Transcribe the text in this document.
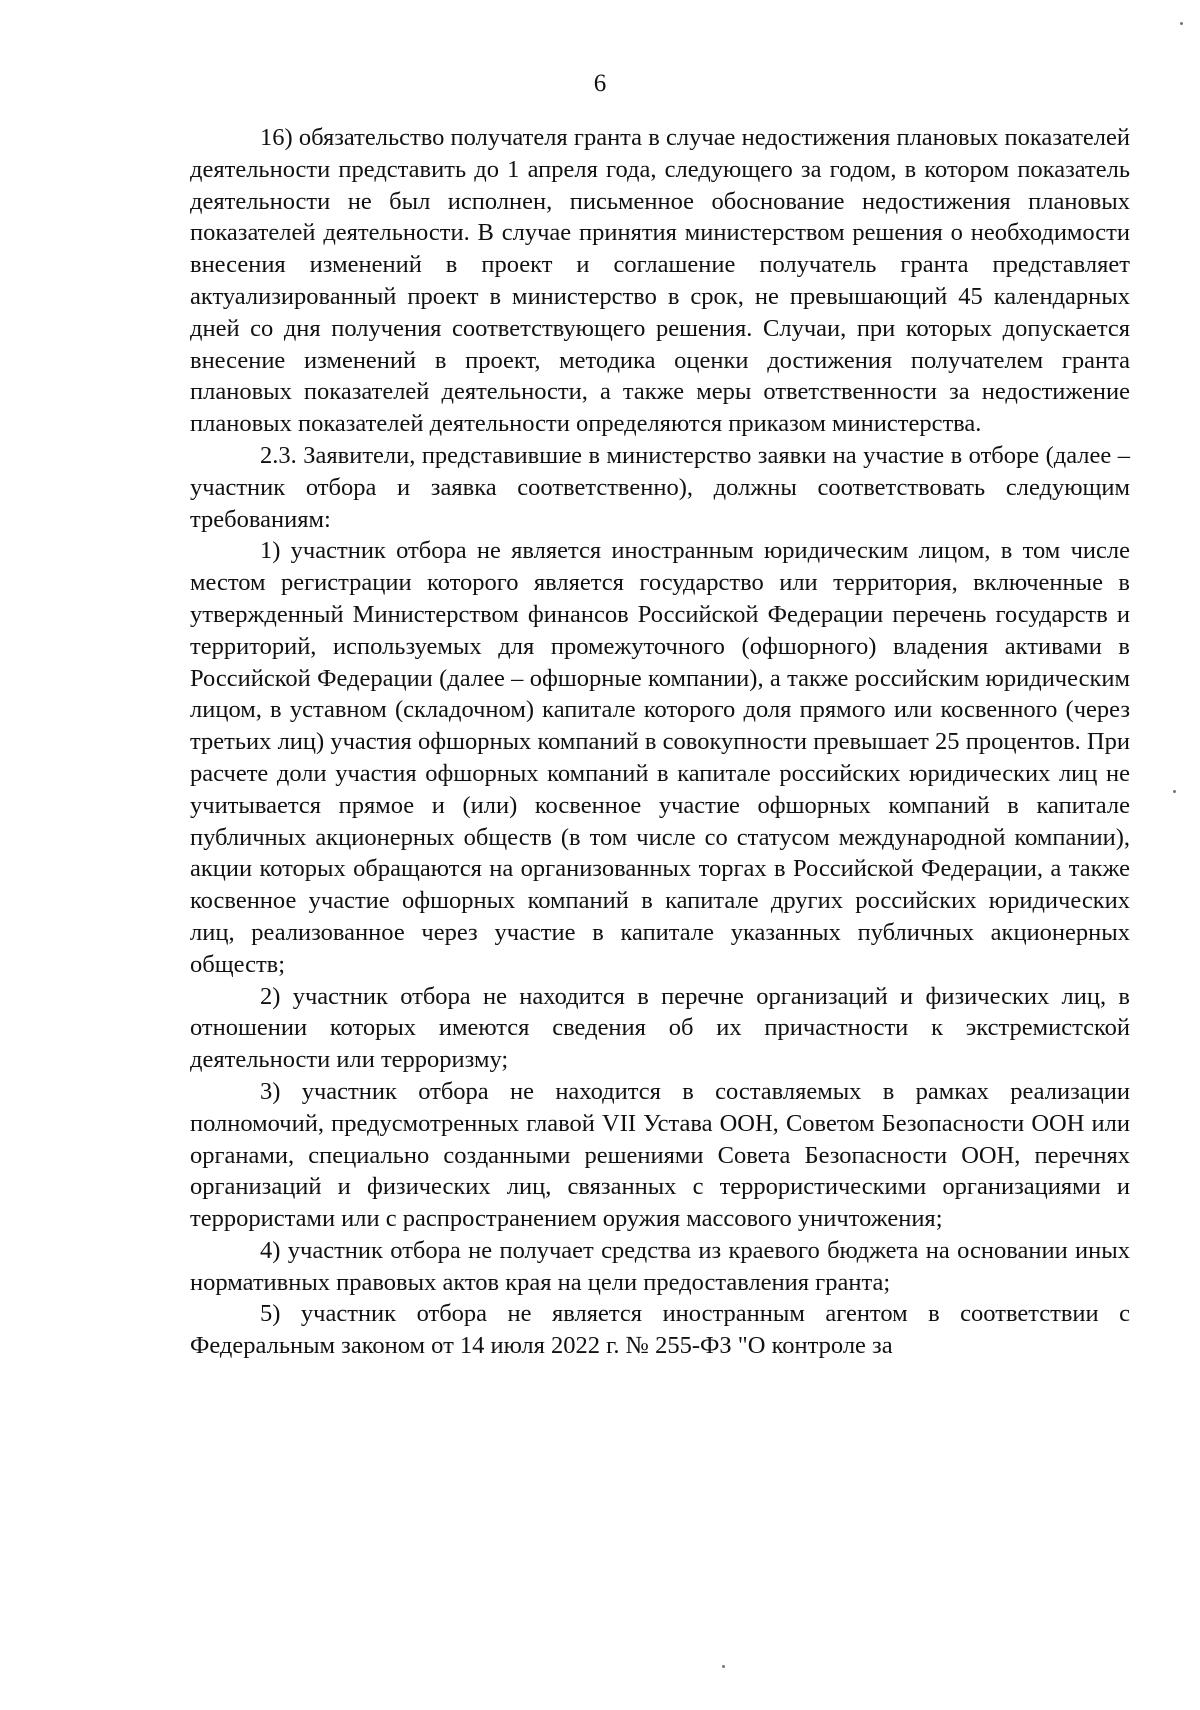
6

16) обязательство получателя гранта в случае недостижения плановых показателей деятельности представить до 1 апреля года, следующего за годом, в котором показатель деятельности не был исполнен, письменное обоснование недостижения плановых показателей деятельности. В случае принятия министерством решения о необходимости внесения изменений в проект и соглашение получатель гранта представляет актуализированный проект в министерство в срок, не превышающий 45 календарных дней со дня получения соответствующего решения. Случаи, при которых допускается внесение изменений в проект, методика оценки достижения получателем гранта плановых показателей деятельности, а также меры ответственности за недостижение плановых показателей деятельности определяются приказом министерства.

2.3. Заявители, представившие в министерство заявки на участие в отборе (далее – участник отбора и заявка соответственно), должны соответствовать следующим требованиям:

1) участник отбора не является иностранным юридическим лицом, в том числе местом регистрации которого является государство или территория, включенные в утвержденный Министерством финансов Российской Федерации перечень государств и территорий, используемых для промежуточного (офшорного) владения активами в Российской Федерации (далее – офшорные компании), а также российским юридическим лицом, в уставном (складочном) капитале которого доля прямого или косвенного (через третьих лиц) участия офшорных компаний в совокупности превышает 25 процентов. При расчете доли участия офшорных компаний в капитале российских юридических лиц не учитывается прямое и (или) косвенное участие офшорных компаний в капитале публичных акционерных обществ (в том числе со статусом международной компании), акции которых обращаются на организованных торгах в Российской Федерации, а также косвенное участие офшорных компаний в капитале других российских юридических лиц, реализованное через участие в капитале указанных публичных акционерных обществ;

2) участник отбора не находится в перечне организаций и физических лиц, в отношении которых имеются сведения об их причастности к экстремистской деятельности или терроризму;

3) участник отбора не находится в составляемых в рамках реализации полномочий, предусмотренных главой VII Устава ООН, Советом Безопасности ООН или органами, специально созданными решениями Совета Безопасности ООН, перечнях организаций и физических лиц, связанных с террористическими организациями и террористами или с распространением оружия массового уничтожения;

4) участник отбора не получает средства из краевого бюджета на основании иных нормативных правовых актов края на цели предоставления гранта;

5) участник отбора не является иностранным агентом в соответствии с Федеральным законом от 14 июля 2022 г. № 255-ФЗ "О контроле за
